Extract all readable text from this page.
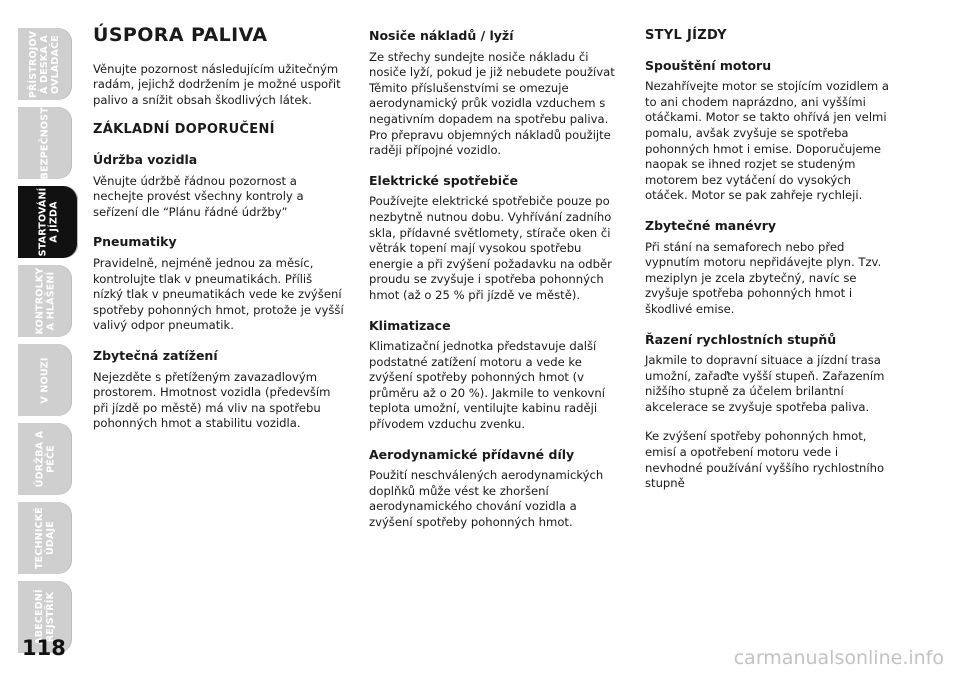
PŘÍSTROJOV
Á DESKA A
OVLADAČE
BEZPEČNOST
STARTOVÁNÍ
A JÍZDA
KONTROLKY
A HLÁŠENÍ
V NOUZI
ÚDRŽBA A
PÉČE
TECHNICKÉ
ÚDAJE
ABECEDNÍ
REJSTŘÍK
118
ÚSPORA PALIVA

Věnujte pozornost následujícím užitečným radám, jejichž dodržením je možné uspořit palivo a snížit obsah škodlivých látek.

ZÁKLADNÍ DOPORUČENÍ
Údržba vozidla

Věnujte údržbě řádnou pozornost a nechejte provést všechny kontroly a seřízení dle “Plánu řádné údržby”

Pneumatiky

Pravidelně, nejméně jednou za měsíc, kontrolujte tlak v pneumatikách. Příliš nízký tlak v pneumatikách vede ke zvýšení spotřeby pohonných hmot, protože je vyšší valivý odpor pneumatik.

Zbytečná zatížení

Nejezděte s přetíženým zavazadlovým prostorem. Hmotnost vozidla (především při jízdě po městě) má vliv na spotřebu pohonných hmot a stabilitu vozidla.

Nosiče nákladů / lyží

Ze střechy sundejte nosiče nákladu či nosiče lyží, pokud je již nebudete používat Těmito příslušenstvími se omezuje aerodynamický průk vozidla vzduchem s negativním dopadem na spotřebu paliva. Pro přepravu objemných nákladů použijte raději přípojné vozidlo.

Elektrické spotřebiče

Používejte elektrické spotřebiče pouze po nezbytně nutnou dobu. Vyhřívání zadního skla, přídavné světlomety, stírače oken či větrák topení mají vysokou spotřebu energie a při zvýšení požadavku na odběr proudu se zvyšuje i spotřeba pohonných hmot (až o 25 % při jízdě ve městě).

Klimatizace

Klimatizační jednotka představuje další podstatné zatížení motoru a vede ke zvýšení spotřeby pohonných hmot (v průměru až o 20 %). Jakmile to venkovní teplota umožní, ventilujte kabinu raději přívodem vzduchu zvenku.

Aerodynamické přídavné díly

Použití neschválených aerodynamických doplňků může vést ke zhoršení aerodynamického chování vozidla a zvýšení spotřeby pohonných hmot.

STYL JÍZDY
Spouštění motoru

Nezahřívejte motor se stojícím vozidlem a to ani chodem naprázdno, ani vyššími otáčkami. Motor se takto ohřívá jen velmi pomalu, avšak zvyšuje se spotřeba pohonných hmot i emise. Doporučujeme naopak se ihned rozjet se studeným motorem bez vytáčení do vysokých otáček. Motor se pak zahřeje rychleji.

Zbytečné manévry

Při stání na semaforech nebo před vypnutím motoru nepřidávejte plyn. Tzv. meziplyn je zcela zbytečný, navíc se zvyšuje spotřeba pohonných hmot i škodlivé emise.

Řazení rychlostních stupňů

Jakmile to dopravní situace a jízdní trasa umožní, zařaďte vyšší stupeň. Zařazením nižšího stupně za účelem brilantní akcelerace se zvyšuje spotřeba paliva.

Ke zvýšení spotřeby pohonných hmot, emisí a opotřebení motoru vede i nevhodné používání vyššího rychlostního stupně

carmanualsonline.info
